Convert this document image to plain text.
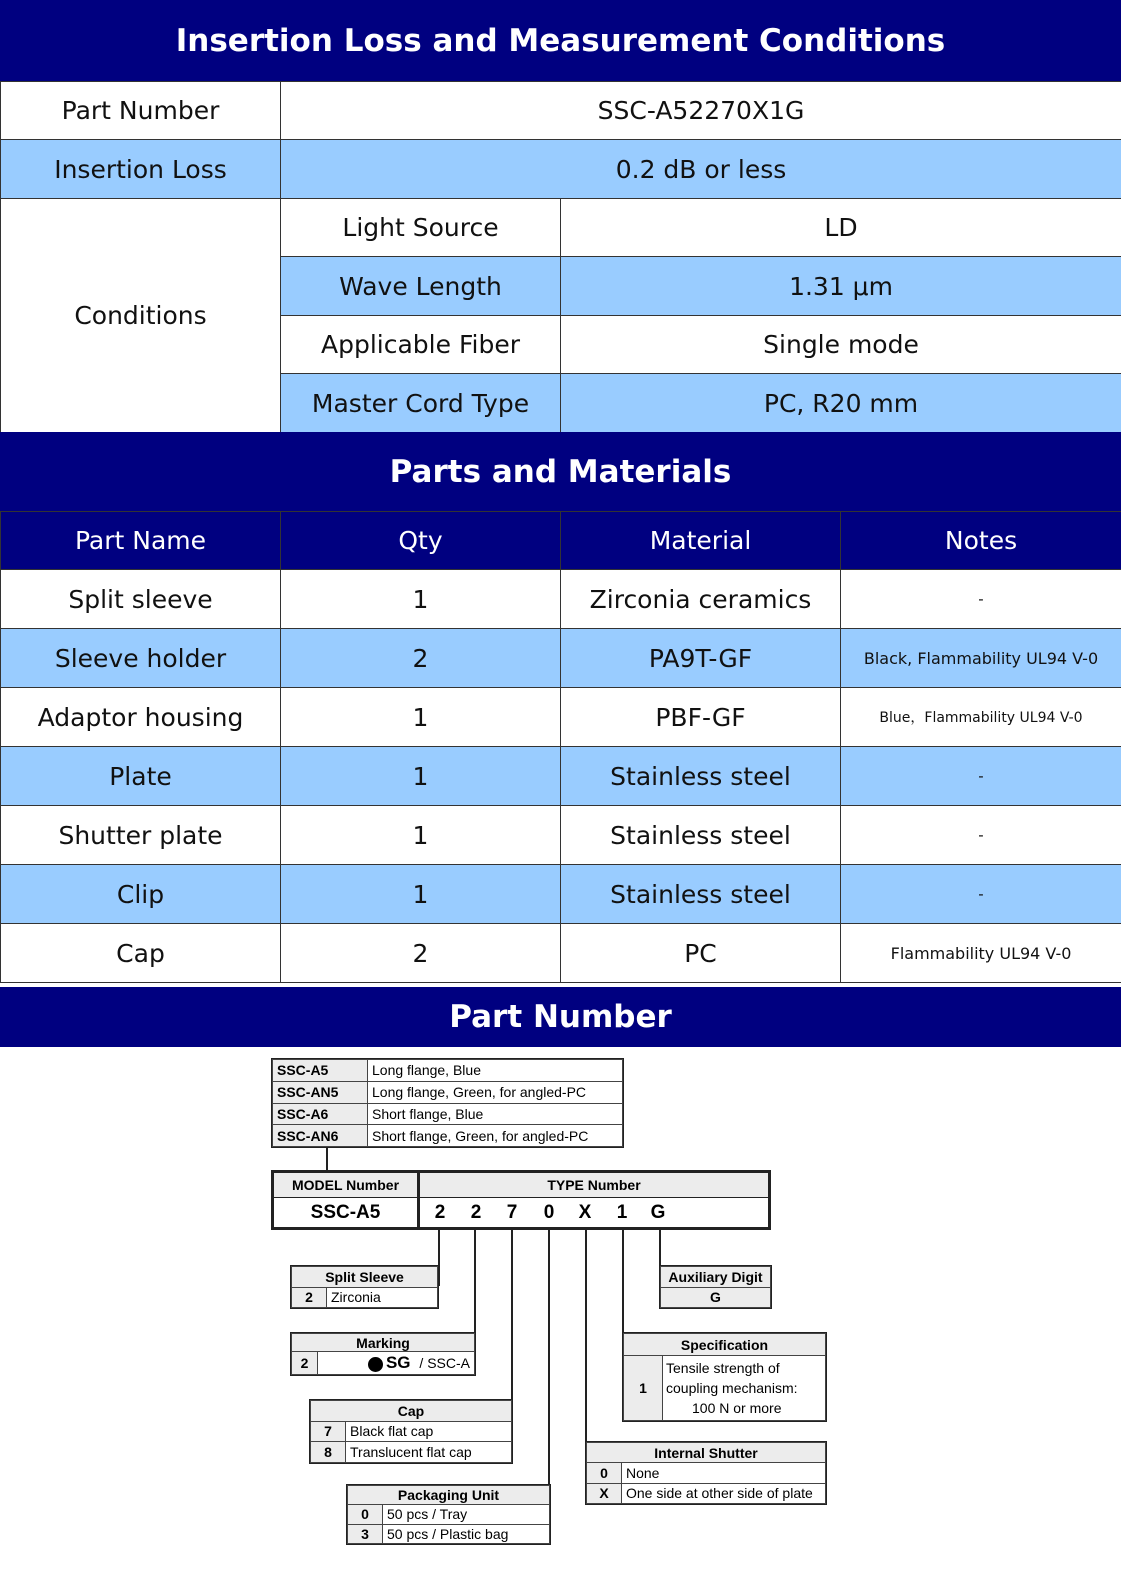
Insertion Loss and Measurement Conditions
Part Number	SSC-A52270X1G	
Insertion Loss	0.2 dB or less	
Conditions	Light Source	LD
	Wave Length	1.31 μm
	Applicable Fiber	Single mode
	Master Cord Type	PC, R20 mm
Parts and Materials
Part Name	Qty	Material	Notes
Split sleeve	1	Zirconia ceramics	-
Sleeve holder	2	PA9T-GF	Black, Flammability UL94 V-0
Adaptor housing	1	PBF-GF	Blue，Flammability UL94 V-0
Plate	1	Stainless steel	-
Shutter plate	1	Stainless steel	-
Clip	1	Stainless steel	-
Cap	2	PC	Flammability UL94 V-0
Part Number
SSC-A5	Long flange, Blue
SSC-AN5	Long flange, Green, for angled-PC
SSC-A6	Short flange, Blue
SSC-AN6	Short flange, Green, for angled-PC
MODEL Number	TYPE Number
SSC-A5	2	2	7	0	X	1	G
Split Sleeve
2	Zirconia
Marking
2	SG / SSC-A
Cap	
7	Black flat cap
8	Translucent flat cap
Packaging Unit	
0	50 pcs / Tray
3	50 pcs / Plastic bag
Auxiliary Digit
G
Specification
1	
Tensile strength of
coupling mechanism:
100 N or more
Internal Shutter	
0	None
X	One side at other side of plate
